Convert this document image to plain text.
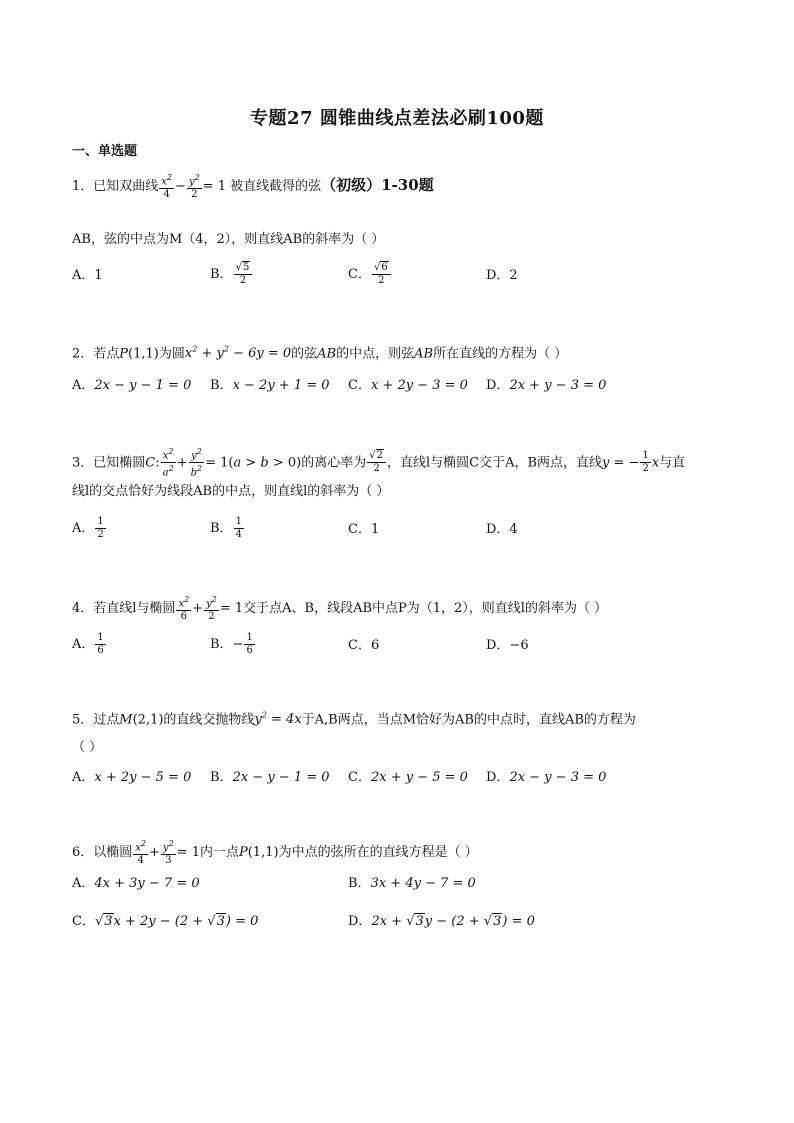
专题27 圆锥曲线点差法必刷100题
一、单选题
1．已知双曲线 $\frac{x^2}{4} - \frac{y^2}{2} = 1$ 被直线截得的弦（初级）1-30题
AB，弦的中点为M（4，2），则直线AB的斜率为（ ）
A．1	B． $\frac{√5}{2}$	C． $\frac{√6}{2}$	D．2
2．若点P(1,1)为圆$x^2 + y^2 - 6y = 0$的弦AB的中点，则弦AB所在直线的方程为（ ）
A．2x − y − 1 = 0 B．x − 2y + 1 = 0 C．x + 2y − 3 = 0 D．2x + y − 3 = 0
3．已知椭圆C: $\frac{x^2}{a^2} + \frac{y^2}{b^2} = 1(a > b > 0)$的离心率为 $\frac{√2}{2}$ ，直线l与椭圆C交于A，B两点，直线y = − $\frac{1}{2}$ x与直
线l的交点恰好为线段AB的中点，则直线l的斜率为（ ）
A． $\frac{1}{2}$	B． $\frac{1}{4}$	C．1	D．4
4．若直线l与椭圆 $\frac{x^2}{6} + \frac{y^2}{2} = 1$交于点A、B，线段AB中点P为（1，2），则直线l的斜率为（ ）
A． $\frac{1}{6}$	B．− $\frac{1}{6}$	C．6	D．−6
5．过点M(2,1)的直线交抛物线$y^2 = 4x$于A,B两点，当点M恰好为AB的中点时，直线AB的方程为
（ ）
A．x + 2y − 5 = 0 B．2x − y − 1 = 0 C．2x + y − 5 = 0 D．2x − y − 3 = 0
6．以椭圆 $\frac{x^2}{4} + \frac{y^2}{3} = 1$内一点P(1,1)为中点的弦所在的直线方程是（ ）
A．4x + 3y − 7 = 0	B．3x + 4y − 7 = 0
C．√3x + 2y − (2 + √3) = 0	D．2x + √3y − (2 + √3) = 0
